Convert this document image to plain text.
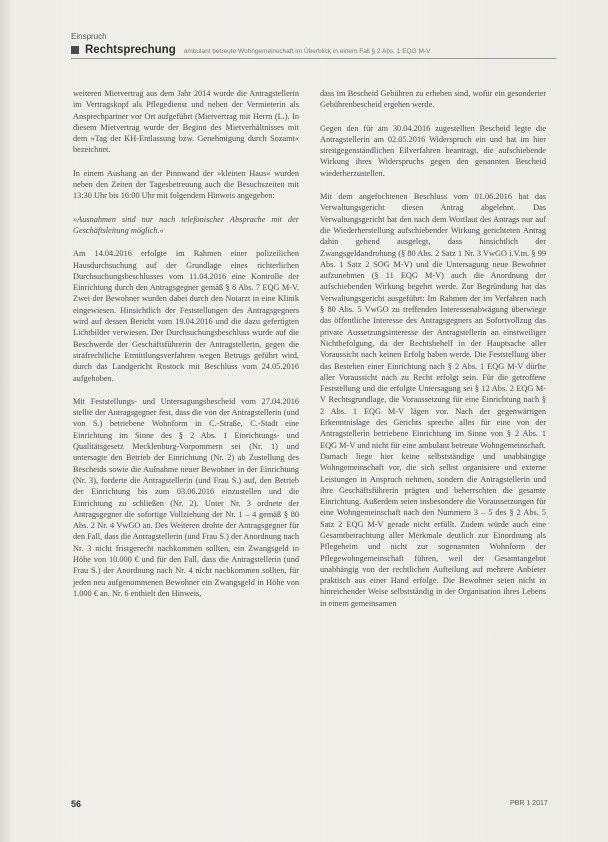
Einspruch
Rechtsprechung ambulant betreute Wohngemeinschaft im Überblick in einem Fall § 2 Abs. 1 EQG M-V

weiteren Mietvertrag aus dem Jahr 2014 wurde die Antragstellerin im Vertragskopf als Pflegedienst und neben der Vermieterin als Ansprechpartner vor Ort aufgeführt (Mietvertrag mit Herrn (L.). In diesem Mietvertrag wurde der Beginn des Mietverhältnisses mit dem »Tag der KH-Entlassung bzw. Genehmigung durch Sozamt« bezeichnet.

In einem Aushang an der Pinnwand der »kleinen Haus« wurden neben den Zeiten der Tagesbetreuung auch die Besuchszeiten mit 13:30 Uhr bis 16:00 Uhr mit folgendem Hinweis angegeben:

»Ausnahmen sind nur nach telefonischer Absprache mit der Geschäftsleitung möglich.«

Am 14.04.2016 erfolgte im Rahmen einer polizeilichen Hausdurchsuchung auf der Grundlage eines richterlichen Durchsuchungsbeschlusses vom 11.04.2016 eine Kontrolle der Einrichtung durch den Antragsgegner gemäß § 8 Abs. 7 EQG M-V. Zwei der Bewohner wurden dabei durch den Notarzt in eine Klinik eingewiesen. Hinsichtlich der Feststellungen des Antragsgegners wird auf dessen Bericht vom 19.04.2016 und die dazu gefertigten Lichtbilder verwiesen. Der Durchsuchungsbeschluss wurde auf die Beschwerde der Geschäftsführerin der Antragstellerin, gegen die strafrechtliche Ermittlungsverfahren wegen Betrugs geführt wird, durch das Landgericht Rostock mit Beschluss vom 24.05.2016 aufgehoben.

Mit Feststellungs- und Untersagungsbescheid vom 27.04.2016 stellte der Antragsgegner fest, dass die von der Antragstellerin (und von S.) betriebene Wohnform in C.-Straße, C.-Stadt eine Einrichtung im Sinne des § 2 Abs. 1 Einrichtungs- und Qualitätsgesetz Mecklenburg-Vorpommern sei (Nr. 1) und untersagte den Betrieb der Einrichtung (Nr. 2) ab Zustellung des Bescheids sowie die Aufnahme neuer Bewohner in der Einrichtung (Nr. 3), forderte die Antragstellerin (und Frau S.) auf, den Betrieb der Einrichtung bis zum 03.06.2016 einzustellen und die Einrichtung zu schließen (Nr. 2). Unter Nr. 3 ordnete der Antragsgegner die sofortige Vollziehung der Nr. 1 – 4 gemäß § 80 Abs. 2 Nr. 4 VwGO an. Des Weiteren drohte der Antragsgegner für den Fall, dass die Antragstellerin (und Frau S.) der Anordnung nach Nr. 3 nicht fristgerecht nachkommen sollten, ein Zwangsgeld in Höhe von 10.000 € und für den Fall, dass die Antragstellerin (und Frau S.) der Anordnung nach Nr. 4 nicht nachkommen sollten, für jeden neu aufgenommenen Bewohner ein Zwangsgeld in Höhe von 1.000 € an. Nr. 6 enthielt den Hinweis,

dass im Bescheid Gebühren zu erheben sind, wofür ein gesonderter Gebührenbescheid ergehen werde.

Gegen den für am 30.04.2016 zugestellten Bescheid legte die Antragstellerin am 02.05.2016 Widerspruch ein und hat im hier streitgegenständlichen Eilverfahren beantragt, die aufschiebende Wirkung ihres Widerspruchs gegen den genannten Bescheid wiederherzustellen.

Mit dem angefochtenen Beschluss vom 01.06.2016 hat das Verwaltungsgericht diesen Antrag abgelehnt. Das Verwaltungsgericht hat den nach dem Wortlaut des Antrags nur auf die Wiederherstellung aufschiebender Wirkung gerichteten Antrag dahin gehend ausgelegt, dass hinsichtlich der Zwangsgeldandrohung (§ 80 Abs. 2 Satz 1 Nr. 3 VwGO i.V.m. § 99 Abs. 1 Satz 2 SOG M-V) und die Untersagung neue Bewohner aufzunehmen (§ 11 EQG M-V) auch die Anordnung der aufschiebenden Wirkung begehrt werde. Zur Begründung hat das Verwaltungsgericht ausgeführt: Im Rahmen der im Verfahren nach § 80 Abs. 5 VwGO zu treffenden Interessenabwägung überwiege das öffentliche Interesse des Antragsgegners an Sofortvollzug das private Aussetzungsinteresse der Antragstellerin an einstweiliger Nichtbefolgung, da der Rechtsbehelf in der Hauptsache aller Voraussicht nach keinen Erfolg haben werde. Die Feststellung über das Bestehen einer Einrichtung nach § 2 Abs. 1 EQG M-V dürfte aller Voraussicht nach zu Recht erfolgt sein. Für die getroffene Feststellung und die erfolgte Untersagung sei § 12 Abs. 2 EQG M-V Rechtsgrundlage, die Voraussetzung für eine Einrichtung nach § 2 Abs. 1 EQG M-V lägen vor. Nach der gegenwärtigen Erkenntnislage des Gerichts spreche alles für eine von der Antragstellerin betriebene Einrichtung im Sinne von § 2 Abs. 1 EQG M-V und nicht für eine ambulant betreute Wohngemeinschaft. Damach liege hier keine selbstständige und unabhängige Wohngemeinschaft vor, die sich selbst organisiere und externe Leistungen in Anspruch nehmen, sondern die Antragstellerin und ihre Geschäftsführerin prägten und beherrschten die gesamte Einrichtung. Außerdem seien insbesondere die Voraussetzungen für eine Wohngemeinschaft nach den Nummern 3 – 5 des § 2 Abs. 5 Satz 2 EQG M-V gerade nicht erfüllt. Zudem würde auch eine Gesamtbetrachtung aller Merkmale deutlich zur Einordnung als Pflegeheim und nicht zur sogenannten Wohnform der Pflegewohngemeinschaft führen, weil der Gesamtangebot unabhängig von der rechtlichen Aufteilung auf mehrere Anbieter praktisch aus einer Hand erfolge. Die Bewohner seien nicht in hinreichender Weise selbstständig in der Organisation ihres Lebens in einem gemeinsamen

56	PBR 1 2017
